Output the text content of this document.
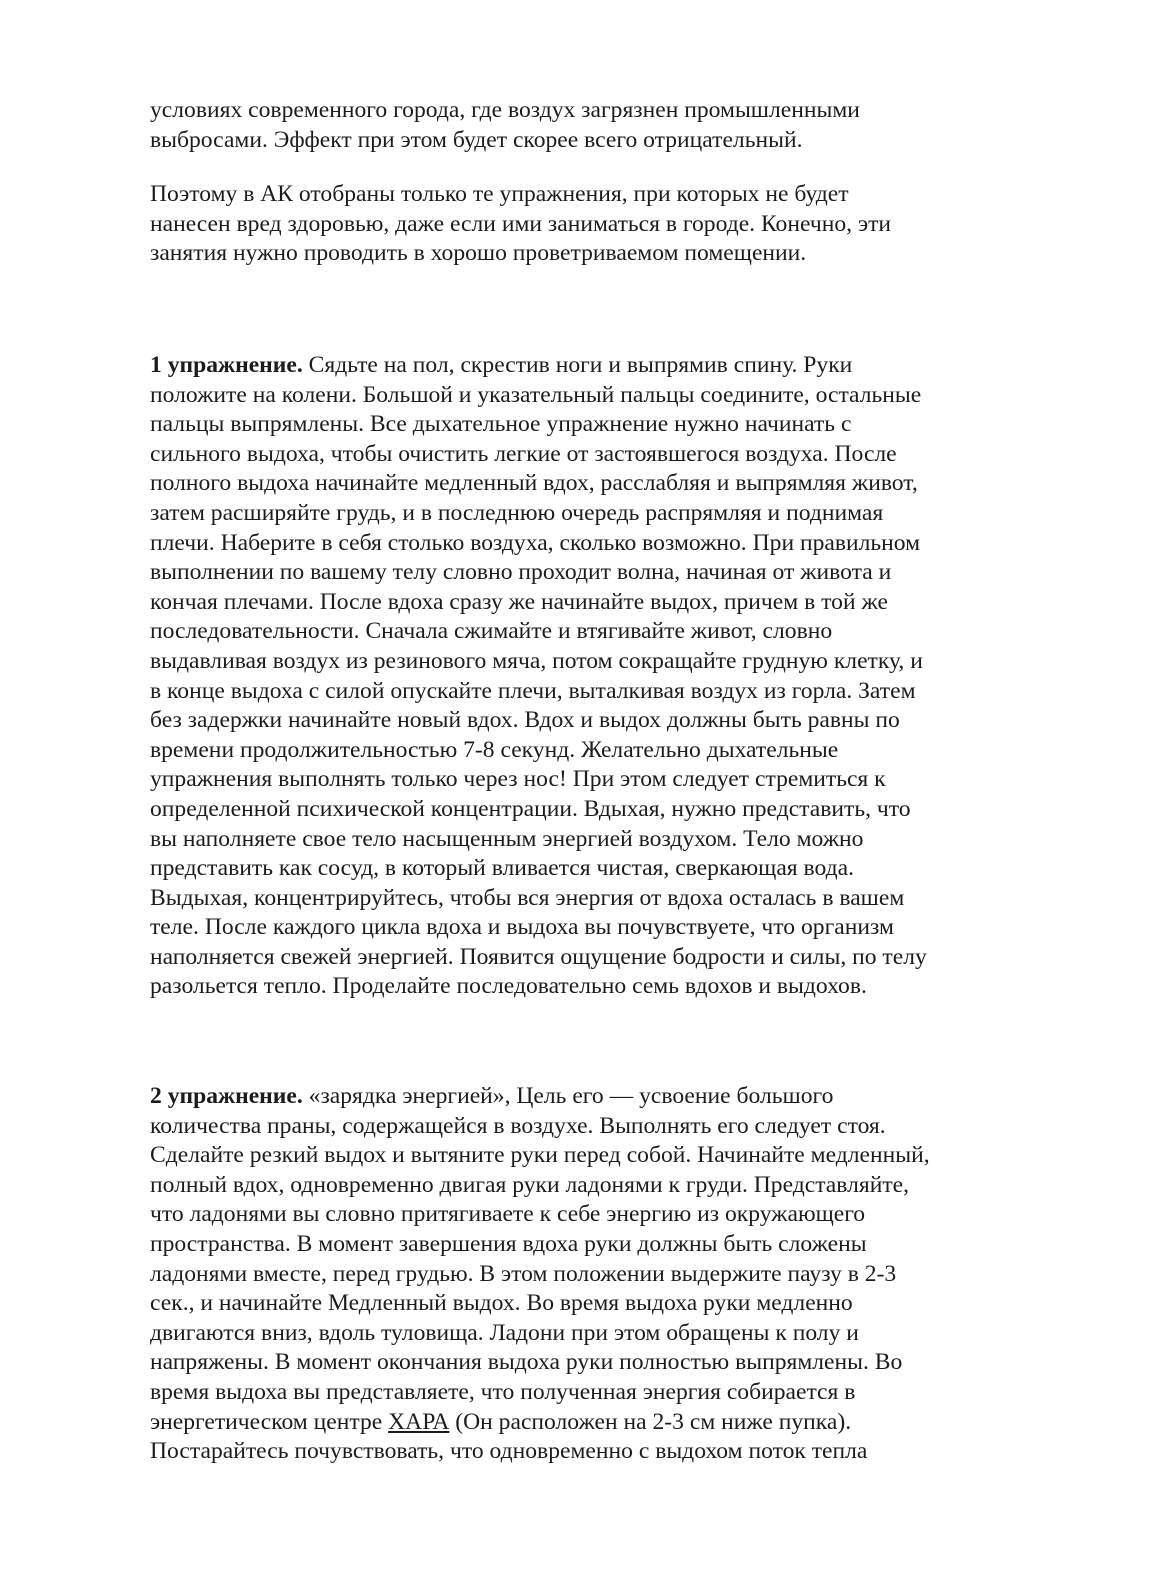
условиях современного города, где воздух загрязнен промышленными
выбросами. Эффект при этом будет скорее всего отрицательный.

Поэтому в АК отобраны только те упражнения, при которых не будет
нанесен вред здоровью, даже если ими заниматься в городе. Конечно, эти
занятия нужно проводить в хорошо проветриваемом помещении.

1 упражнение. Сядьте на пол, скрестив ноги и выпрямив спину. Руки
положите на колени. Большой и указательный пальцы соедините, остальные
пальцы выпрямлены. Все дыхательное упражнение нужно начинать с
сильного выдоха, чтобы очистить легкие от застоявшегося воздуха. После
полного выдоха начинайте медленный вдох, расслабляя и выпрямляя живот,
затем расширяйте грудь, и в последнюю очередь распрямляя и поднимая
плечи. Наберите в себя столько воздуха, сколько возможно. При правильном
выполнении по вашему телу словно проходит волна, начиная от живота и
кончая плечами. После вдоха сразу же начинайте выдох, причем в той же
последовательности. Сначала сжимайте и втягивайте живот, словно
выдавливая воздух из резинового мяча, потом сокращайте грудную клетку, и
в конце выдоха с силой опускайте плечи, выталкивая воздух из горла. Затем
без задержки начинайте новый вдох. Вдох и выдох должны быть равны по
времени продолжительностью 7-8 секунд. Желательно дыхательные
упражнения выполнять только через нос! При этом следует стремиться к
определенной психической концентрации. Вдыхая, нужно представить, что
вы наполняете свое тело насыщенным энергией воздухом. Тело можно
представить как сосуд, в который вливается чистая, сверкающая вода.
Выдыхая, концентрируйтесь, чтобы вся энергия от вдоха осталась в вашем
теле. После каждого цикла вдоха и выдоха вы почувствуете, что организм
наполняется свежей энергией. Появится ощущение бодрости и силы, по телу
разольется тепло. Проделайте последовательно семь вдохов и выдохов.

2 упражнение. «зарядка энергией», Цель его — усвоение большого
количества праны, содержащейся в воздухе. Выполнять его следует стоя.
Сделайте резкий выдох и вытяните руки перед собой. Начинайте медленный,
полный вдох, одновременно двигая руки ладонями к груди. Представляйте,
что ладонями вы словно притягиваете к себе энергию из окружающего
пространства. В момент завершения вдоха руки должны быть сложены
ладонями вместе, перед грудью. В этом положении выдержите паузу в 2-3
сек., и начинайте Медленный выдох. Во время выдоха руки медленно
двигаются вниз, вдоль туловища. Ладони при этом обращены к полу и
напряжены. В момент окончания выдоха руки полностью выпрямлены. Во
время выдоха вы представляете, что полученная энергия собирается в
энергетическом центре ХАРА (Он расположен на 2-3 см ниже пупка).
Постарайтесь почувствовать, что одновременно с выдохом поток тепла
